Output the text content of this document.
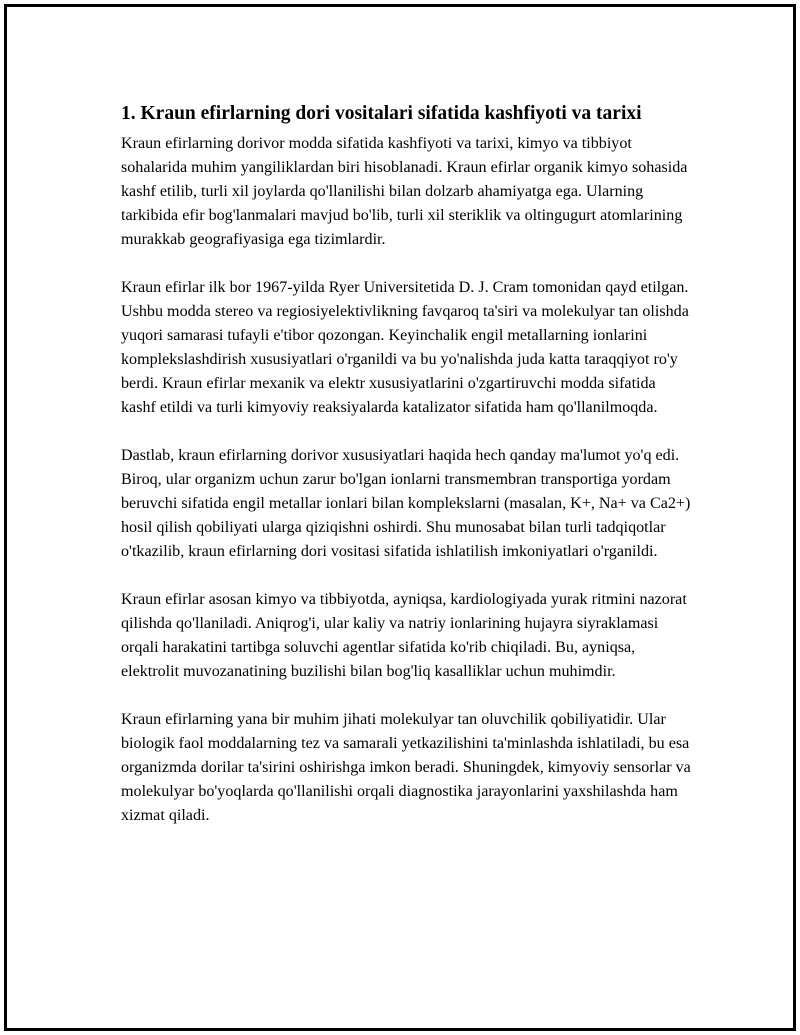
1. Kraun efirlarning dori vositalari sifatida kashfiyoti va tarixi

Kraun efirlarning dorivor modda sifatida kashfiyoti va tarixi, kimyo va tibbiyot sohalarida muhim yangiliklardan biri hisoblanadi. Kraun efirlar organik kimyo sohasida kashf etilib, turli xil joylarda qo'llanilishi bilan dolzarb ahamiyatga ega. Ularning tarkibida efir bog'lanmalari mavjud bo'lib, turli xil steriklik va oltingugurt atomlarining murakkab geografiyasiga ega tizimlardir.

Kraun efirlar ilk bor 1967-yilda Ryer Universitetida D. J. Cram tomonidan qayd etilgan. Ushbu modda stereo va regiosiyelektivlikning favqaroq ta'siri va molekulyar tan olishda yuqori samarasi tufayli e'tibor qozongan. Keyinchalik engil metallarning ionlarini komplekslashdirish xususiyatlari o'rganildi va bu yo'nalishda juda katta taraqqiyot ro'y berdi. Kraun efirlar mexanik va elektr xususiyatlarini o'zgartiruvchi modda sifatida kashf etildi va turli kimyoviy reaksiyalarda katalizator sifatida ham qo'llanilmoqda.

Dastlab, kraun efirlarning dorivor xususiyatlari haqida hech qanday ma'lumot yo'q edi. Biroq, ular organizm uchun zarur bo'lgan ionlarni transmembran transportiga yordam beruvchi sifatida engil metallar ionlari bilan komplekslarni (masalan, K+, Na+ va Ca2+) hosil qilish qobiliyati ularga qiziqishni oshirdi. Shu munosabat bilan turli tadqiqotlar o'tkazilib, kraun efirlarning dori vositasi sifatida ishlatilish imkoniyatlari o'rganildi.

Kraun efirlar asosan kimyo va tibbiyotda, ayniqsa, kardiologiyada yurak ritmini nazorat qilishda qo'llaniladi. Aniqrog'i, ular kaliy va natriy ionlarining hujayra siyraklamasi orqali harakatini tartibga soluvchi agentlar sifatida ko'rib chiqiladi. Bu, ayniqsa, elektrolit muvozanatining buzilishi bilan bog'liq kasalliklar uchun muhimdir.

Kraun efirlarning yana bir muhim jihati molekulyar tan oluvchilik qobiliyatidir. Ular biologik faol moddalarning tez va samarali yetkazilishini ta'minlashda ishlatiladi, bu esa organizmda dorilar ta'sirini oshirishga imkon beradi. Shuningdek, kimyoviy sensorlar va molekulyar bo'yoqlarda qo'llanilishi orqali diagnostika jarayonlarini yaxshilashda ham xizmat qiladi.
